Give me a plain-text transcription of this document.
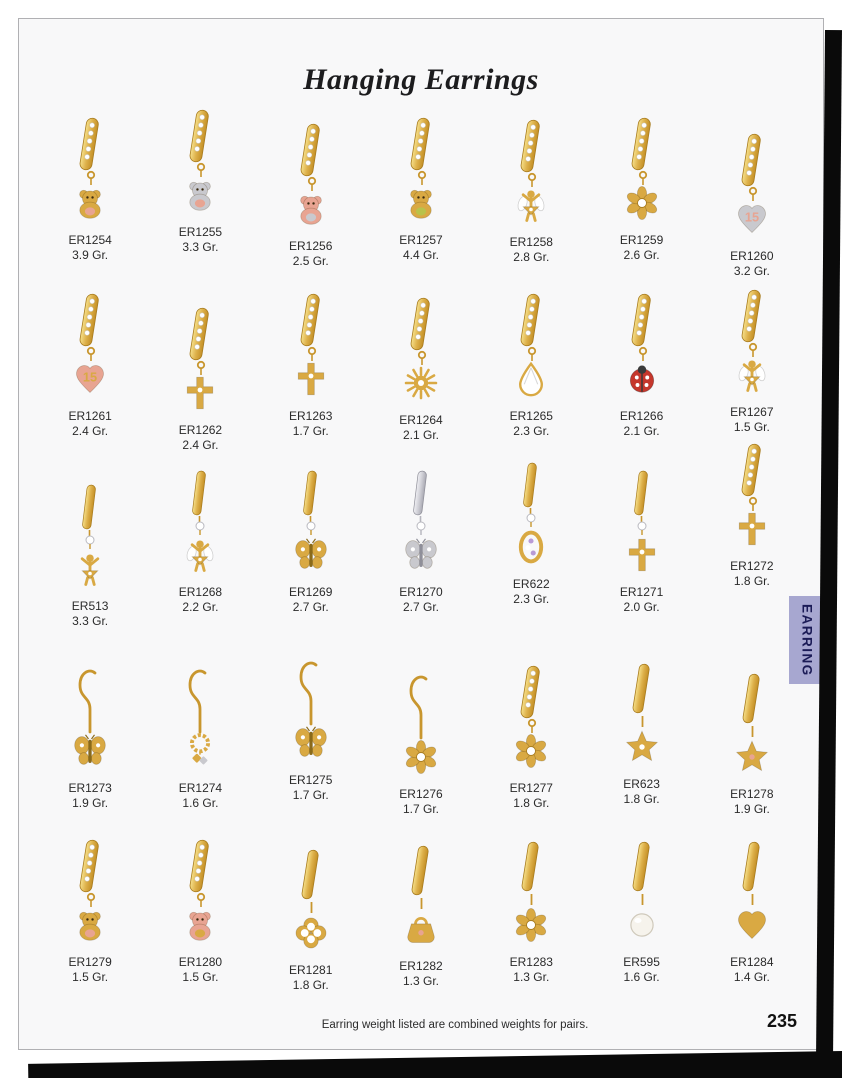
Hanging Earrings
ER1254
3.9 Gr.
ER1255
3.3 Gr.	ER1256
2.5 Gr.
ER1257
4.4 Gr.
ER1258
2.8 Gr.
ER1259
2.6 Gr.
15
ER1260
3.2 Gr.
15
ER1261
2.4 Gr.	ER1262
2.4 Gr.
ER1263
1.7 Gr.
ER1264
2.1 Gr.
ER1265
2.3 Gr.
ER1266
2.1 Gr.
ER1267
1.5 Gr.
ER513
3.3 Gr.
ER1268
2.2 Gr.
ER1269
2.7 Gr.
ER1270
2.7 Gr.
ER622
2.3 Gr.	ER1271
2.0 Gr.
ER1272
1.8 Gr.
ER1273
1.9 Gr.
ER1274
1.6 Gr.
ER1275
1.7 Gr.	ER1276
1.7 Gr.
ER1277
1.8 Gr.
ER623
1.8 Gr.	ER1278
1.9 Gr.
ER1279
1.5 Gr.
ER1280
1.5 Gr.	ER1281
1.8 Gr.
ER1282
1.3 Gr.
ER1283
1.3 Gr.
ER595
1.6 Gr.
ER1284
1.4 Gr.
EARRING
Earring weight listed are combined weights for pairs.	235
